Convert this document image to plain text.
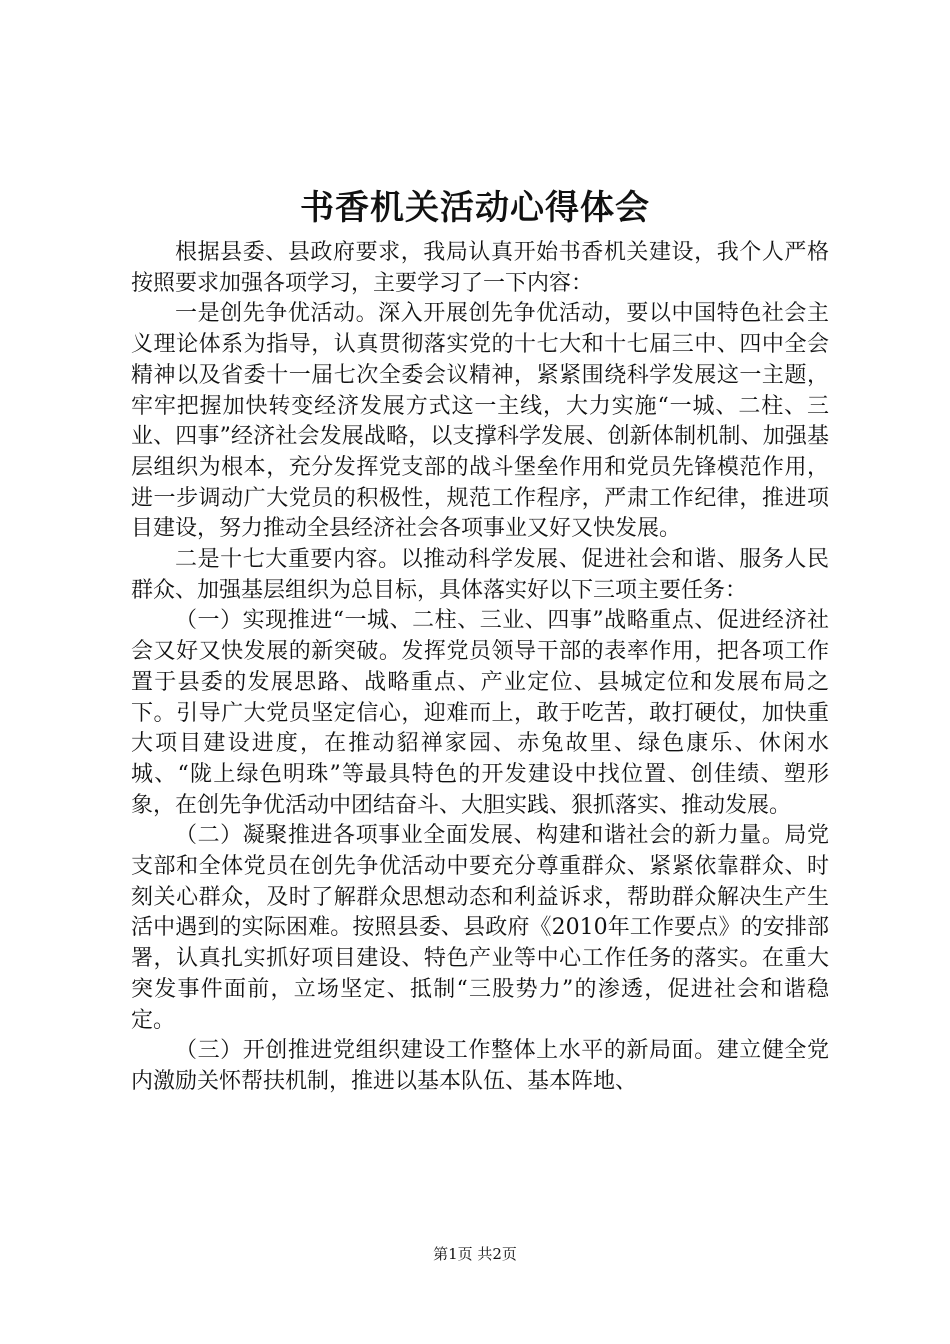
书香机关活动心得体会

根据县委、县政府要求，我局认真开始书香机关建设，我个人严格按照要求加强各项学习，主要学习了一下内容：

一是创先争优活动。深入开展创先争优活动，要以中国特色社会主义理论体系为指导，认真贯彻落实党的十七大和十七届三中、四中全会精神以及省委十一届七次全委会议精神，紧紧围绕科学发展这一主题，牢牢把握加快转变经济发展方式这一主线，大力实施“一城、二柱、三业、四事”经济社会发展战略，以支撑科学发展、创新体制机制、加强基层组织为根本，充分发挥党支部的战斗堡垒作用和党员先锋模范作用，进一步调动广大党员的积极性，规范工作程序，严肃工作纪律，推进项目建设，努力推动全县经济社会各项事业又好又快发展。

二是十七大重要内容。以推动科学发展、促进社会和谐、服务人民群众、加强基层组织为总目标，具体落实好以下三项主要任务：

（一）实现推进“一城、二柱、三业、四事”战略重点、促进经济社会又好又快发展的新突破。发挥党员领导干部的表率作用，把各项工作置于县委的发展思路、战略重点、产业定位、县城定位和发展布局之下。引导广大党员坚定信心，迎难而上，敢于吃苦，敢打硬仗，加快重大项目建设进度，在推动貂禅家园、赤兔故里、绿色康乐、休闲水城、“陇上绿色明珠”等最具特色的开发建设中找位置、创佳绩、塑形象，在创先争优活动中团结奋斗、大胆实践、狠抓落实、推动发展。

（二）凝聚推进各项事业全面发展、构建和谐社会的新力量。局党支部和全体党员在创先争优活动中要充分尊重群众、紧紧依靠群众、时刻关心群众，及时了解群众思想动态和利益诉求，帮助群众解决生产生活中遇到的实际困难。按照县委、县政府《2010年工作要点》的安排部署，认真扎实抓好项目建设、特色产业等中心工作任务的落实。在重大突发事件面前，立场坚定、抵制“三股势力”的渗透，促进社会和谐稳定。

（三）开创推进党组织建设工作整体上水平的新局面。建立健全党内激励关怀帮扶机制，推进以基本队伍、基本阵地、

第1页 共2页
